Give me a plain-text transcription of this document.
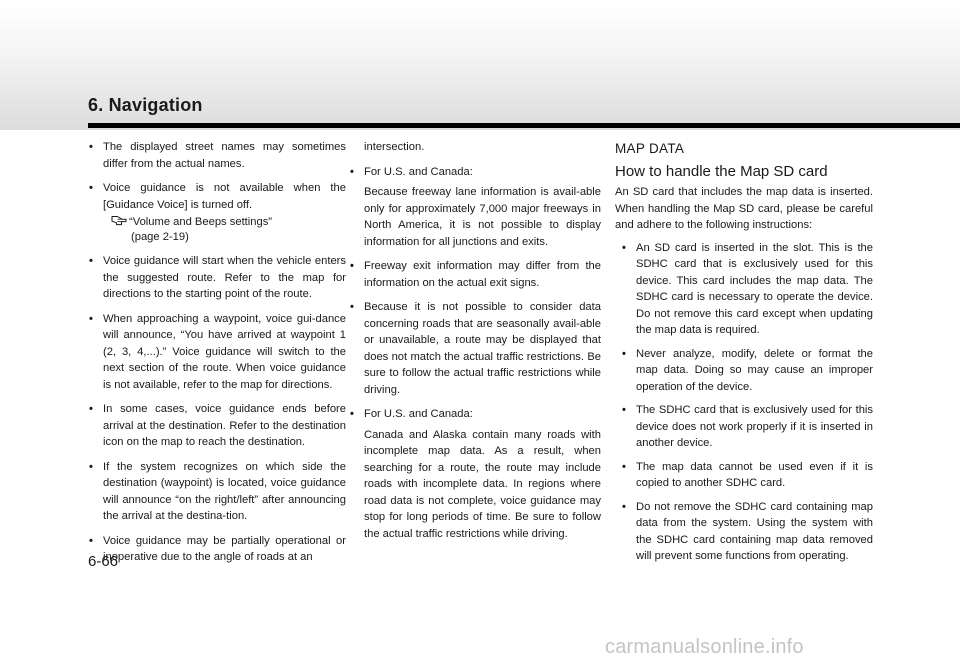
6. Navigation
• The displayed street names may sometimes differ from the actual names.
• Voice guidance is not available when the [Guidance Voice] is turned off.
“Volume and Beeps settings”
(page 2-19)
• Voice guidance will start when the vehicle enters the suggested route. Refer to the map for directions to the starting point of the route.
• When approaching a waypoint, voice gui-dance will announce, “You have arrived at waypoint 1 (2, 3, 4,...).” Voice guidance will switch to the next section of the route. When voice guidance is not available, refer to the map for directions.
• In some cases, voice guidance ends before arrival at the destination. Refer to the destination icon on the map to reach the destination.
• If the system recognizes on which side the destination (waypoint) is located, voice guidance will announce “on the right/left” after announcing the arrival at the destina-tion.
• Voice guidance may be partially operational or inoperative due to the angle of roads at an
intersection.
• For U.S. and Canada:
Because freeway lane information is avail-able only for approximately 7,000 major freeways in North America, it is not possible to display information for all junctions and exits.
• Freeway exit information may differ from the information on the actual exit signs.
• Because it is not possible to consider data concerning roads that are seasonally avail-able or unavailable, a route may be displayed that does not match the actual traffic restrictions. Be sure to follow the actual traffic restrictions while driving.
• For U.S. and Canada:
Canada and Alaska contain many roads with incomplete map data. As a result, when searching for a route, the route may include roads with incomplete data. In regions where road data is not complete, voice guidance may stop for long periods of time. Be sure to follow the actual traffic restrictions while driving.
MAP DATA
How to handle the Map SD card

An SD card that includes the map data is inserted. When handling the Map SD card, please be careful and adhere to the following instructions:

• An SD card is inserted in the slot. This is the SDHC card that is exclusively used for this device. This card includes the map data. The SDHC card is necessary to operate the device. Do not remove this card except when updating the map data is required.
• Never analyze, modify, delete or format the map data. Doing so may cause an improper operation of the device.
• The SDHC card that is exclusively used for this device does not work properly if it is inserted in another device.
• The map data cannot be used even if it is copied to another SDHC card.
• Do not remove the SDHC card containing map data from the system. Using the system with the SDHC card containing map data removed will prevent some functions from operating.
6-66
carmanualsonline.info
